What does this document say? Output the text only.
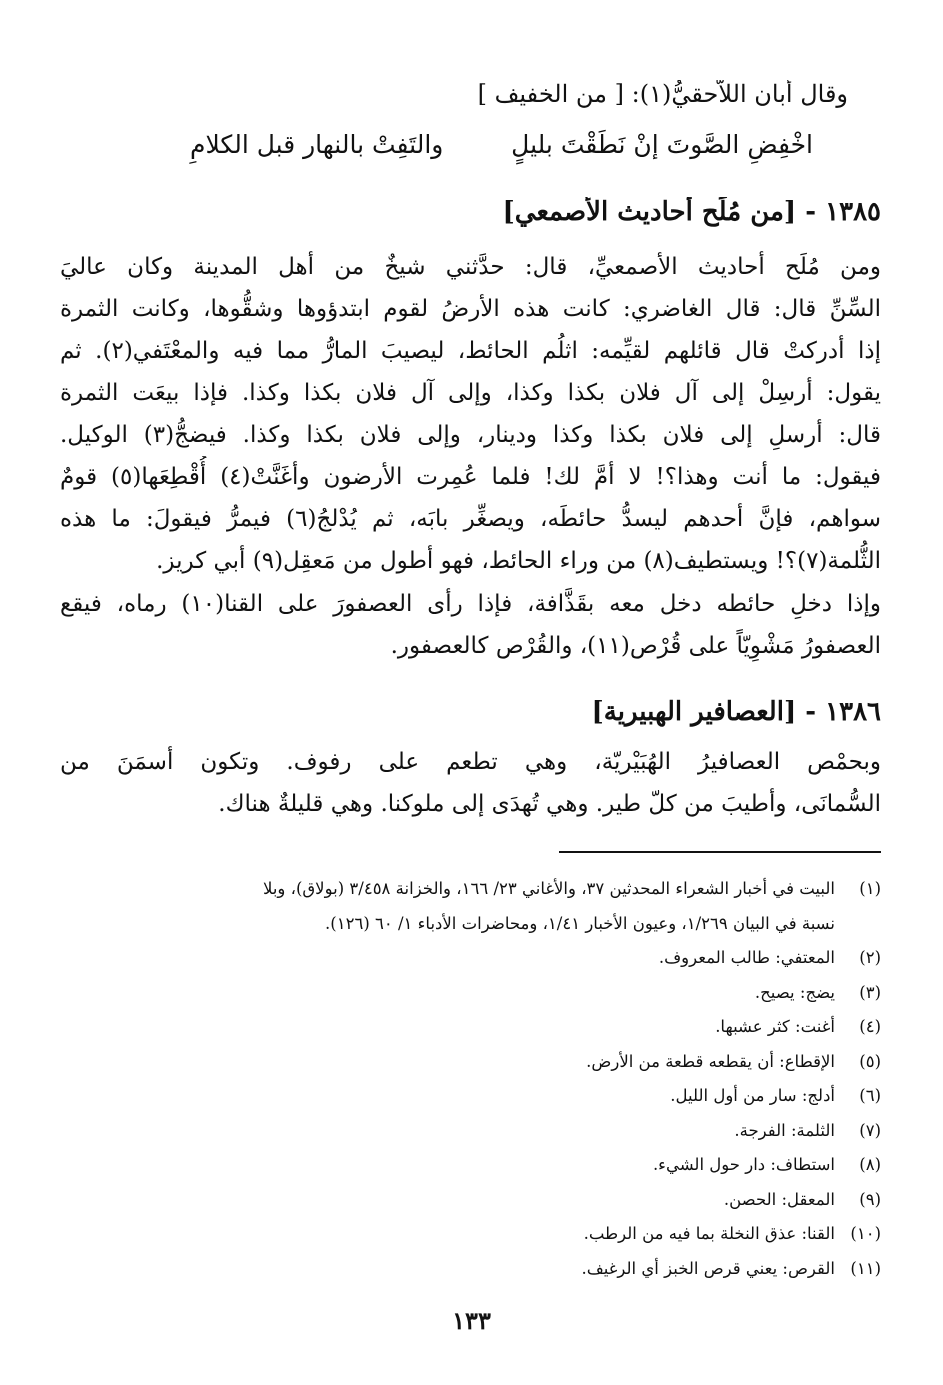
وقال أبان اللاّحقيُّ(١): [ من الخفيف ]
اخْفِضِ الصَّوتَ إنْ نَطَقْتَ بليلٍ
والتَفِتْ بالنهار قبل الكلامِ
١٣٨٥ - [من مُلَح أحاديث الأصمعي]
ومن مُلَح أحاديث الأصمعيِّ، قال: حدَّثني شيخٌ من أهل المدينة وكان عاليَ
السِّنِّ قال: قال الغاضري: كانت هذه الأرضُ لقوم ابتدؤوها وشقُّوها، وكانت الثمرة
إذا أدركتْ قال قائلهم لقيِّمه: اثلُم الحائط، ليصيبَ المارُّ مما فيه والمعْتَفي(٢). ثم
يقول: أرسِلْ إلى آل فلان بكذا وكذا، وإلى آل فلان بكذا وكذا. فإذا بيعَت الثمرة
قال: أرسلِ إلى فلان بكذا وكذا ودينار، وإلى فلان بكذا وكذا. فيضجُّ(٣) الوكيل.
فيقول: ما أنت وهذا؟! لا أمَّ لك! فلما عُمِرت الأرضون وأغَنَّتْ(٤) أُقْطِعَها(٥) قومٌ
سواهم، فإنَّ أحدهم ليسدُّ حائطَه، ويصغِّر بابَه، ثم يُدْلجُ(٦) فيمرُّ فيقولَ: ما هذه
الثُّلمة(٧)؟! ويستطيف(٨) من وراء الحائط، فهو أطول من مَعقِل(٩) أبي كريز.
وإذا دخلِ حائطه دخل معه بقَذَّافة، فإذا رأى العصفورَ على القنا(١٠) رماه، فيقع
العصفورُ مَشْوِيّاً على قُرْص(١١)، والقُرْص كالعصفور.
١٣٨٦ - [العصافير الهبيرية]
وبحمْص العصافيرُ الهُبَيْريّة، وهي تطعم على رفوف. وتكون أسمَنَ من
السُّمانَى، وأطيبَ من كلّ طير. وهي تُهدَى إلى ملوكنا. وهي قليلةٌ هناك.
(١)البيت في أخبار الشعراء المحدثين ٣٧، والأغاني ٢٣/ ١٦٦، والخزانة ٣/٤٥٨ (بولاق)، وبلا
نسبة في البيان ١/٢٦٩، وعيون الأخبار ١/٤١، ومحاضرات الأدباء ١/ ٦٠ (١٢٦).
(٢)المعتفي: طالب المعروف.
(٣)يضج: يصيح.
(٤)أغنت: كثر عشبها.
(٥)الإقطاع: أن يقطعه قطعة من الأرض.
(٦)أدلج: سار من أول الليل.
(٧)الثلمة: الفرجة.
(٨)استطاف: دار حول الشيء.
(٩)المعقل: الحصن.
(١٠)القنا: عذق النخلة بما فيه من الرطب.
(١١)القرص: يعني قرص الخبز أي الرغيف.
١٣٣
